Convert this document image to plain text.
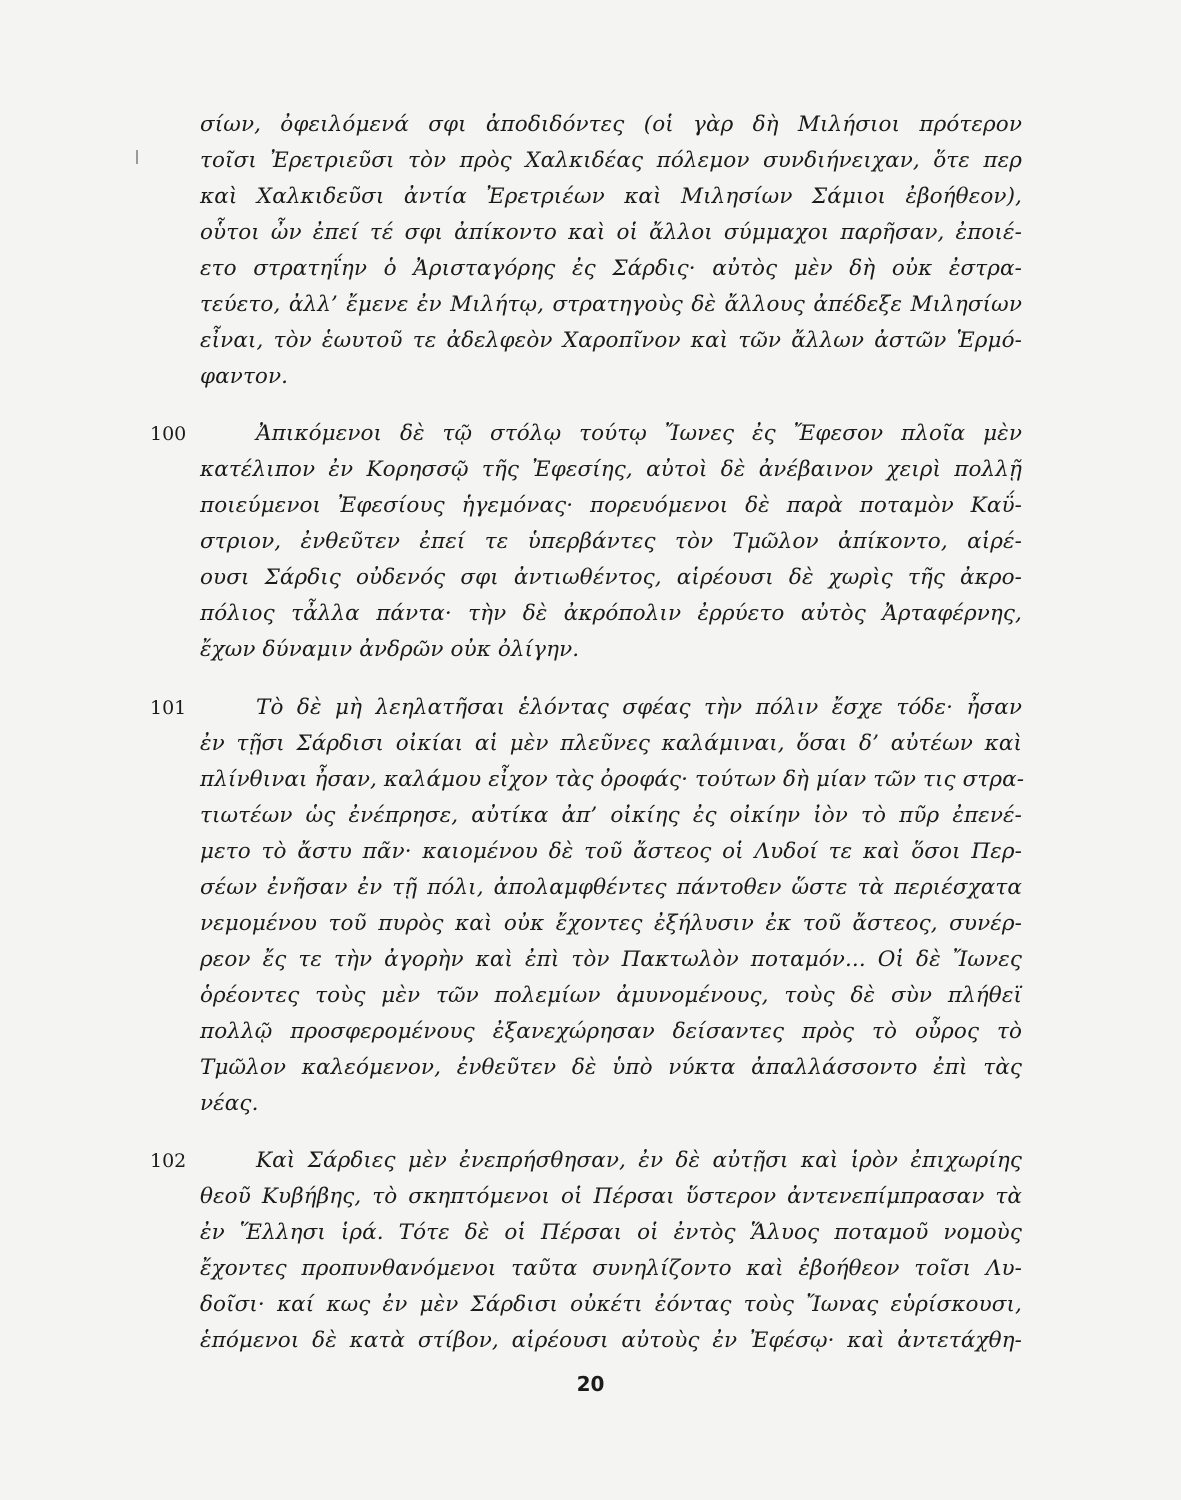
σίων, ὀφειλόμενά σφι ἀποδιδόντες (οἱ γὰρ δὴ Μιλήσιοι πρότερον
τοῖσι Ἐρετριεῦσι τὸν πρὸς Χαλκιδέας πόλεμον συνδιήνειχαν, ὅτε περ
καὶ Χαλκιδεῦσι ἀντία Ἐρετριέων καὶ Μιλησίων Σάμιοι ἐβοήθεον),
οὗτοι ὦν ἐπεί τέ σφι ἀπίκοντο καὶ οἱ ἄλλοι σύμμαχοι παρῆσαν, ἐποιέ-
ετο στρατηΐην ὁ Ἀρισταγόρης ἐς Σάρδις· αὐτὸς μὲν δὴ οὐκ ἐστρα-
τεύετο, ἀλλ’ ἔμενε ἐν Μιλήτῳ, στρατηγοὺς δὲ ἄλλους ἀπέδεξε Μιλησίων
εἶναι, τὸν ἑωυτοῦ τε ἀδελφεὸν Χαροπῖνον καὶ τῶν ἄλλων ἀστῶν Ἑρμό-
φαντον.
100	Ἀπικόμενοι δὲ τῷ στόλῳ τούτῳ Ἴωνες ἐς Ἔφεσον πλοῖα μὲν
κατέλιπον ἐν Κορησσῷ τῆς Ἐφεσίης, αὐτοὶ δὲ ἀνέβαινον χειρὶ πολλῇ
ποιεύμενοι Ἐφεσίους ἡγεμόνας· πορευόμενοι δὲ παρὰ ποταμὸν Καΰ-
στριον, ἐνθεῦτεν ἐπεί τε ὑπερβάντες τὸν Τμῶλον ἀπίκοντο, αἱρέ-
ουσι Σάρδις οὐδενός σφι ἀντιωθέντος, αἱρέουσι δὲ χωρὶς τῆς ἀκρο-
πόλιος τἆλλα πάντα· τὴν δὲ ἀκρόπολιν ἐρρύετο αὐτὸς Ἀρταφέρνης,
ἔχων δύναμιν ἀνδρῶν οὐκ ὀλίγην.
101	Τὸ δὲ μὴ λεηλατῆσαι ἑλόντας σφέας τὴν πόλιν ἔσχε τόδε· ἦσαν
ἐν τῇσι Σάρδισι οἰκίαι αἱ μὲν πλεῦνες καλάμιναι, ὅσαι δ’ αὐτέων καὶ
πλίνθιναι ἦσαν, καλάμου εἶχον τὰς ὀροφάς· τούτων δὴ μίαν τῶν τις στρα-
τιωτέων ὡς ἐνέπρησε, αὐτίκα ἀπ’ οἰκίης ἐς οἰκίην ἰὸν τὸ πῦρ ἐπενέ-
μετο τὸ ἄστυ πᾶν· καιομένου δὲ τοῦ ἄστεος οἱ Λυδοί τε καὶ ὅσοι Περ-
σέων ἐνῆσαν ἐν τῇ πόλι, ἀπολαμφθέντες πάντοθεν ὥστε τὰ περιέσχατα
νεμομένου τοῦ πυρὸς καὶ οὐκ ἔχοντες ἐξήλυσιν ἐκ τοῦ ἄστεος, συνέρ-
ρεον ἔς τε τὴν ἀγορὴν καὶ ἐπὶ τὸν Πακτωλὸν ποταμόν... Οἱ δὲ Ἴωνες
ὁρέοντες τοὺς μὲν τῶν πολεμίων ἀμυνομένους, τοὺς δὲ σὺν πλήθεϊ
πολλῷ προσφερομένους ἐξανεχώρησαν δείσαντες πρὸς τὸ οὖρος τὸ
Τμῶλον καλεόμενον, ἐνθεῦτεν δὲ ὑπὸ νύκτα ἀπαλλάσσοντο ἐπὶ τὰς
νέας.
102	Καὶ Σάρδιες μὲν ἐνεπρήσθησαν, ἐν δὲ αὐτῇσι καὶ ἱρὸν ἐπιχωρίης
θεοῦ Κυβήβης, τὸ σκηπτόμενοι οἱ Πέρσαι ὕστερον ἀντενεπίμπρασαν τὰ
ἐν Ἕλλησι ἱρά. Τότε δὲ οἱ Πέρσαι οἱ ἐντὸς Ἅλυος ποταμοῦ νομοὺς
ἔχοντες προπυνθανόμενοι ταῦτα συνηλίζοντο καὶ ἐβοήθεον τοῖσι Λυ-
δοῖσι· καί κως ἐν μὲν Σάρδισι οὐκέτι ἐόντας τοὺς Ἴωνας εὑρίσκουσι,
ἑπόμενοι δὲ κατὰ στίβον, αἱρέουσι αὐτοὺς ἐν Ἐφέσῳ· καὶ ἀντετάχθη-
20
